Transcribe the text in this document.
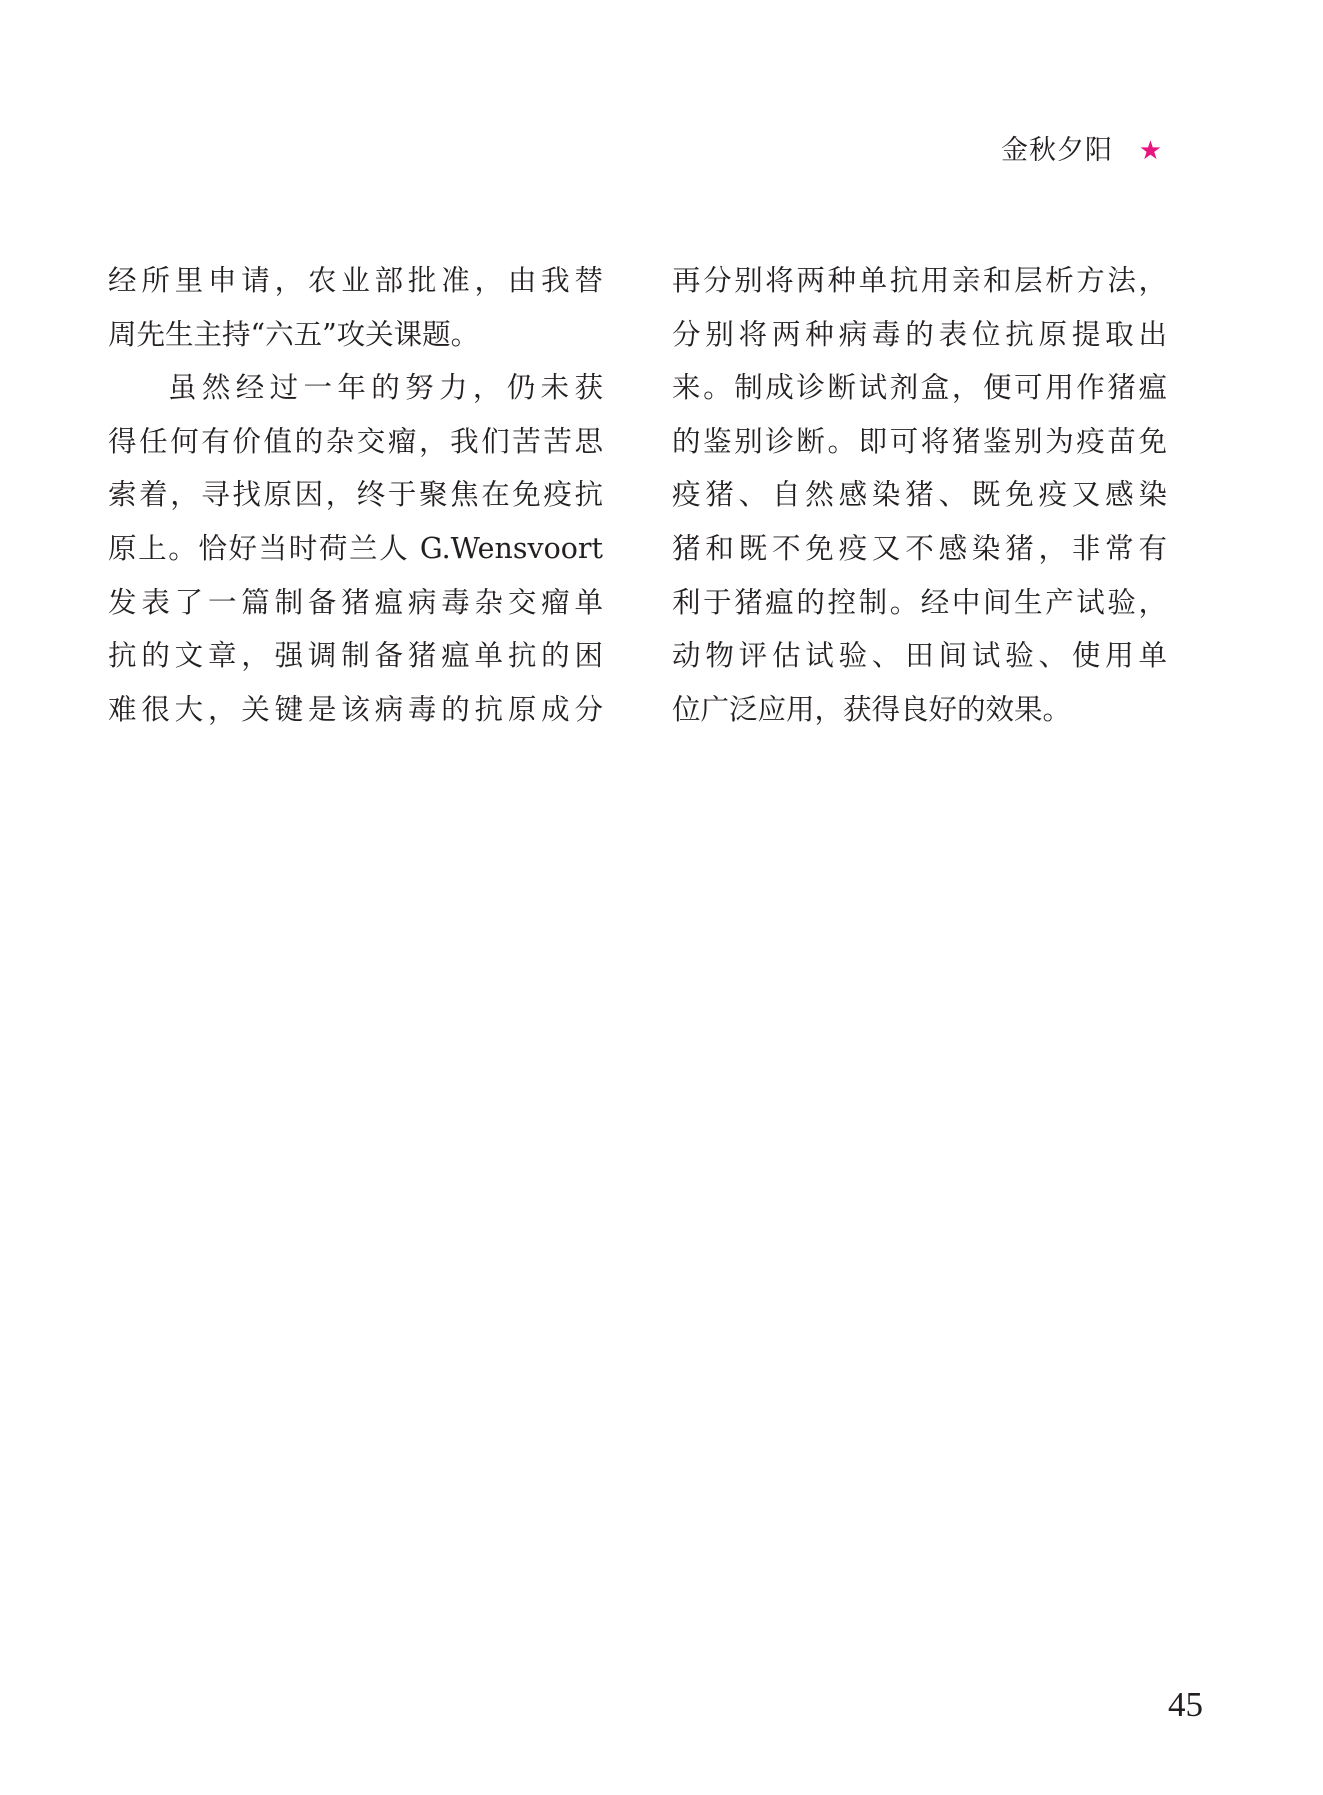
金秋夕阳 ★
经所里申请，农业部批准，由我替
周先生主持“六五”攻关课题。
虽然经过一年的努力，仍未获
得任何有价值的杂交瘤，我们苦苦思
索着，寻找原因，终于聚焦在免疫抗
原上。恰好当时荷兰人 G.Wensvoort
发表了一篇制备猪瘟病毒杂交瘤单
抗的文章，强调制备猪瘟单抗的困
难很大，关键是该病毒的抗原成分
再分别将两种单抗用亲和层析方法，
分别将两种病毒的表位抗原提取出
来。制成诊断试剂盒，便可用作猪瘟
的鉴别诊断。即可将猪鉴别为疫苗免
疫猪、自然感染猪、既免疫又感染
猪和既不免疫又不感染猪，非常有
利于猪瘟的控制。经中间生产试验，
动物评估试验、田间试验、使用单
位广泛应用，获得良好的效果。
45
